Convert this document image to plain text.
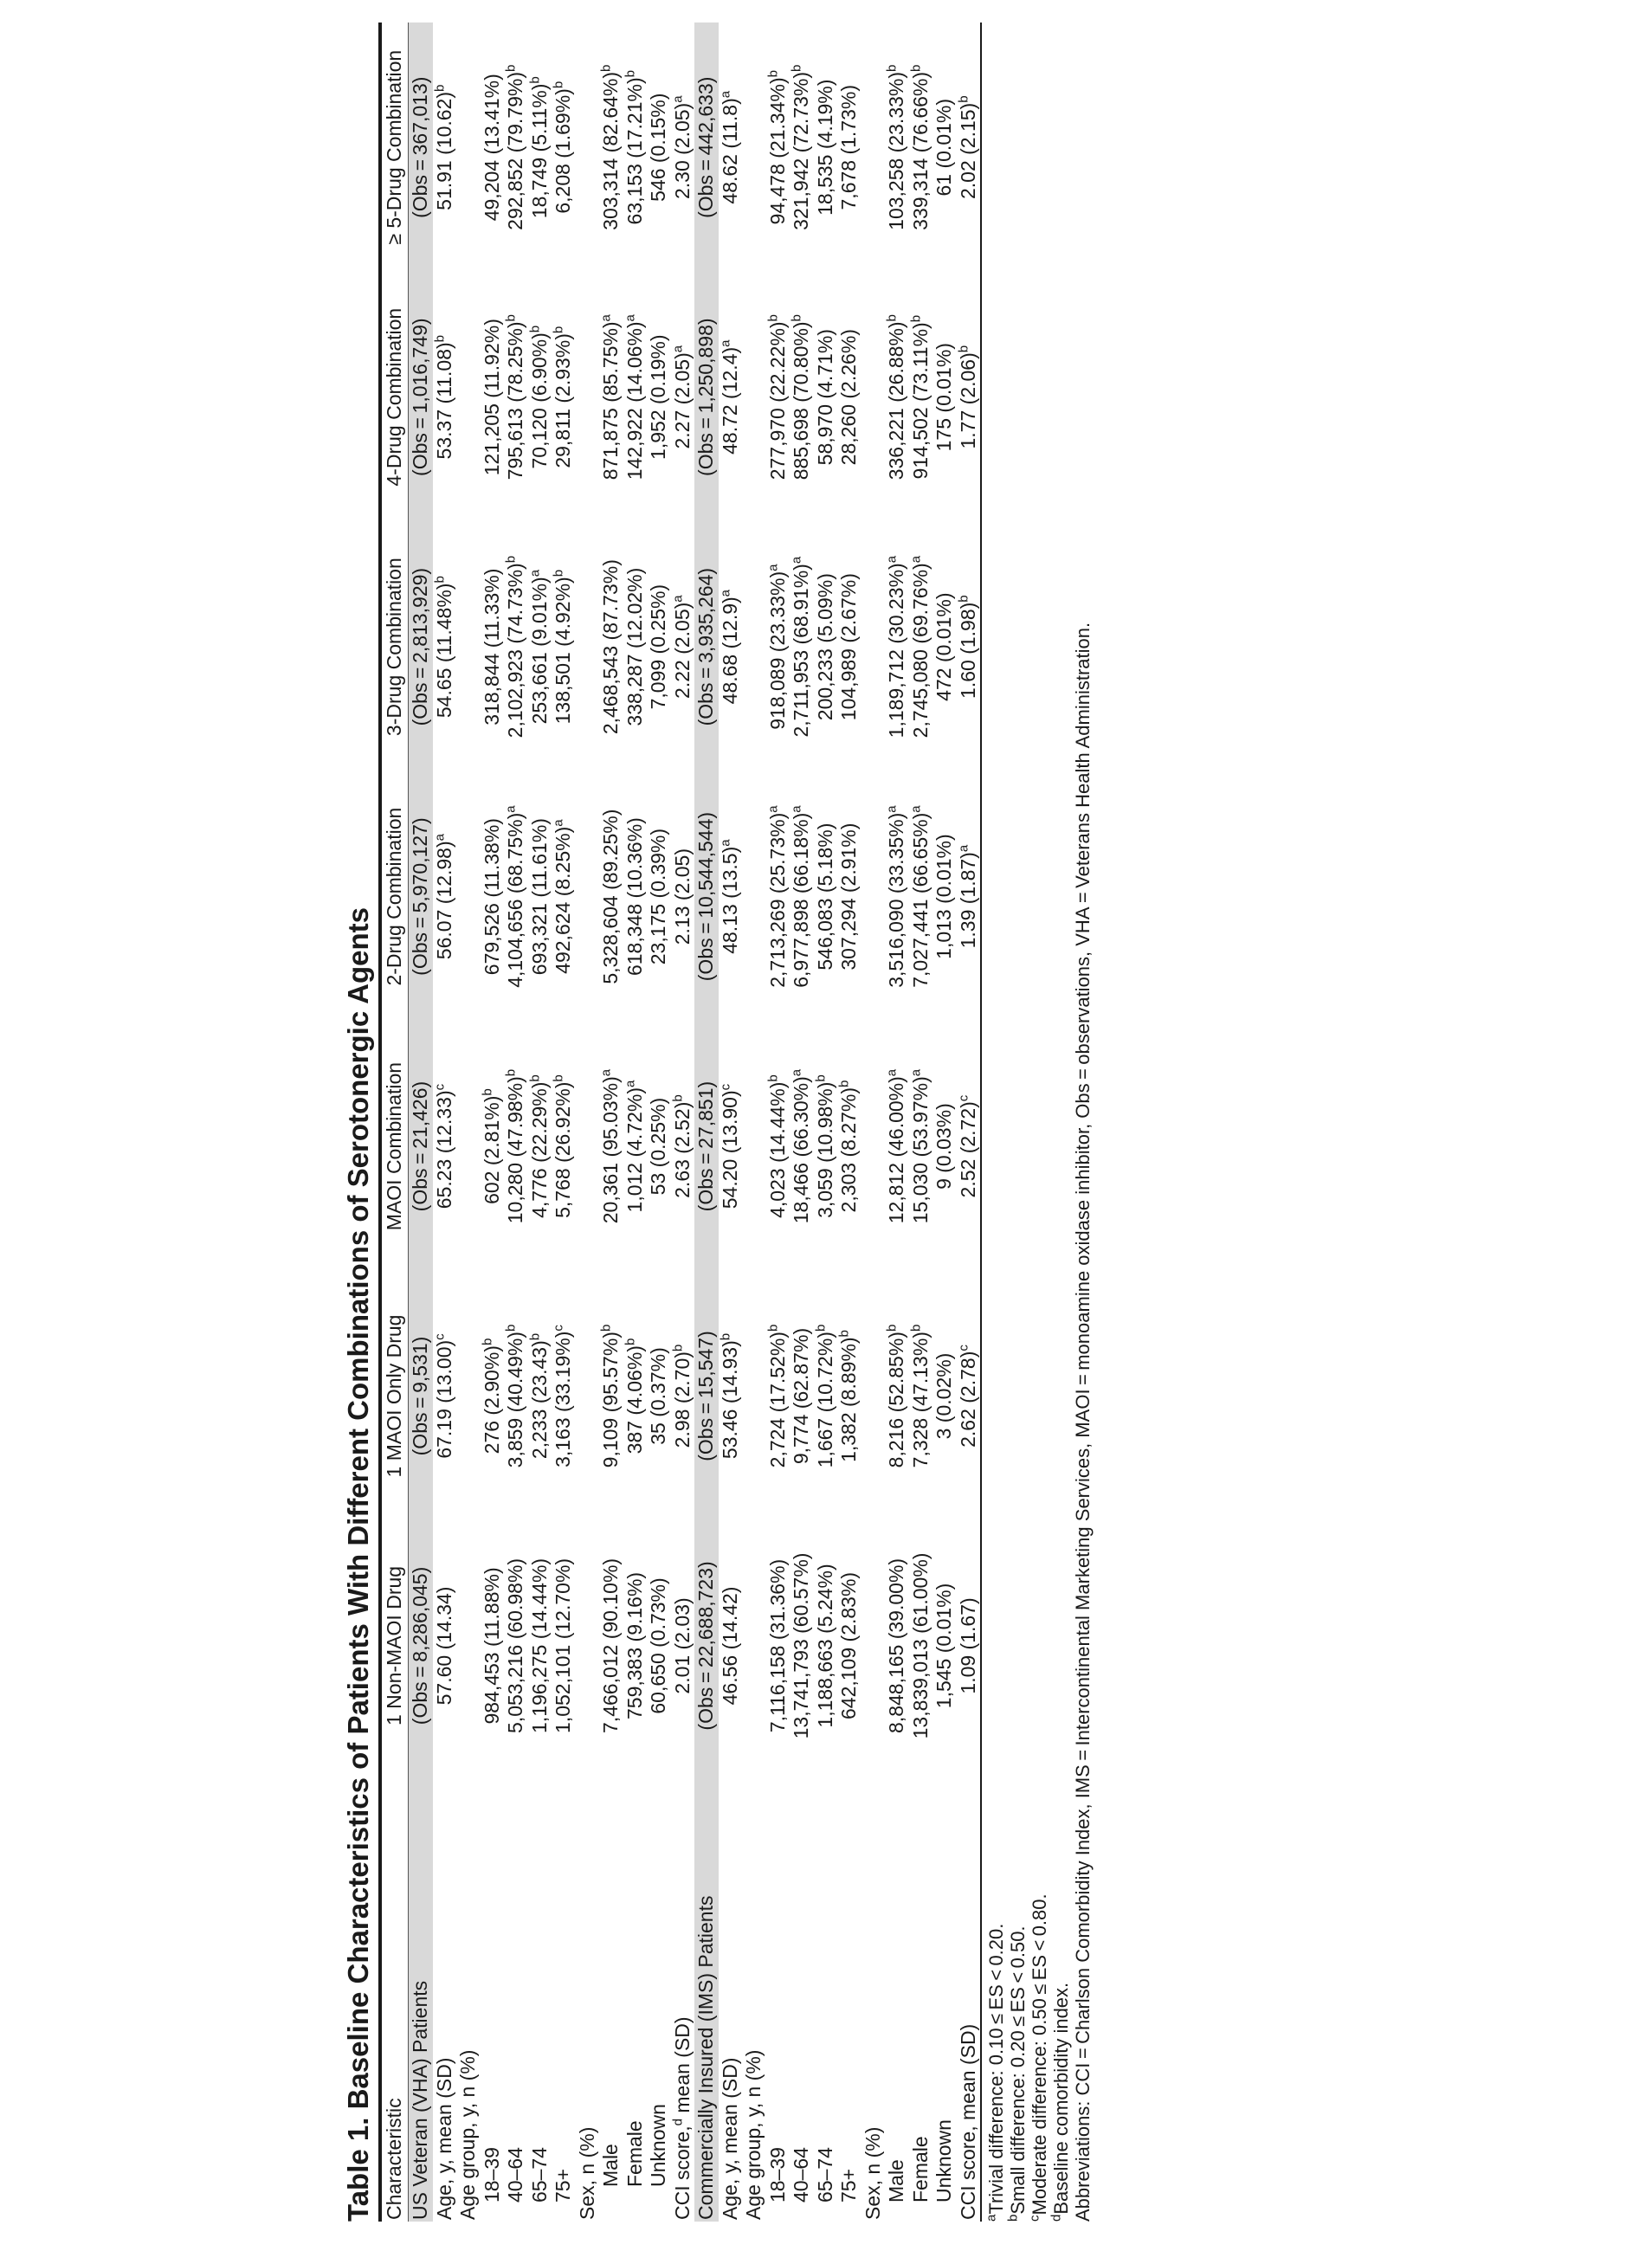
Table 1. Baseline Characteristics of Patients With Different Combinations of Serotonergic Agents Characteristic	1 Non-MAOI Drug	1 MAOI Only Drug	MAOI Combination	2-Drug Combination	3-Drug Combination	4-Drug Combination	≥ 5-Drug Combination
US Veteran (VHA) Patients	(Obs = 8,286,045)	(Obs = 9,531)	(Obs = 21,426)	(Obs = 5,970,127)	(Obs = 2,813,929)	(Obs = 1,016,749)	(Obs = 367,013)
Age, y, mean (SD)	57.60 (14.34)	67.19 $(13.00)^c$	65.23 $(12.33)^c$	56.07 $(12.98)^a$	54.65 $(11.48\%)^b$	53.37 $(11.08)^b$	51.91 $(10.62)^b$
Age group, y, n (%)							
18–39	984,453 (11.88%)	276 $(2.90\%)^b$	602 $(2.81\%)^b$	679,526 (11.38%)	318,844 (11.33%)	121,205 (11.92%)	49,204 (13.41%)
40–64	5,053,216 (60.98%)	3,859 $(40.49\%)^b$	10,280 $(47.98\%)^b$	4,104,656 $(68.75\%)^a$	2,102,923 $(74.73\%)^b$	795,613 $(78.25\%)^b$	292,852 $(79.79\%)^b$
65–74	1,196,275 (14.44%)	2,233 $(23.43)^b$	4,776 $(22.29\%)^b$	693,321 (11.61%)	253,661 $(9.01\%)^a$	70,120 $(6.90\%)^b$	18,749 $(5.11\%)^b$
75+	1,052,101 (12.70%)	3,163 $(33.19\%)^c$	5,768 $(26.92\%)^b$	492,624 $(8.25\%)^a$	138,501 $(4.92\%)^b$	29,811 $(2.93\%)^b$	6,208 $(1.69\%)^b$
Sex, n (%)							
Male	7,466,012 (90.10%)	9,109 $(95.57\%)^b$	20,361 $(95.03\%)^a$	5,328,604 (89.25%)	2,468,543 (87.73%)	871,875 $(85.75\%)^a$	303,314 $(82.64\%)^b$
Female	759,383 (9.16%)	387 $(4.06\%)^b$	1,012 $(4.72\%)^a$	618,348 (10.36%)	338,287 (12.02%)	142,922 $(14.06\%)^a$	63,153 $(17.21\%)^b$
Unknown	60,650 (0.73%)	35 (0.37%)	53 (0.25%)	23,175 (0.39%)	7,099 (0.25%)	1,952 (0.19%)	546 (0.15%)
CCI score,$^d$ mean (SD)	2.01 (2.03)	2.98 $(2.70)^b$	2.63 $(2.52)^b$	2.13 (2.05)	2.22 $(2.05)^a$	2.27 $(2.05)^a$	2.30 $(2.05)^a$
Commercially Insured (IMS) Patients	(Obs = 22,688,723)	(Obs = 15,547)	(Obs = 27,851)	(Obs = 10,544,544)	(Obs = 3,935,264)	(Obs = 1,250,898)	(Obs = 442,633)
Age, y, mean (SD)	46.56 (14.42)	53.46 $(14.93)^b$	54.20 $(13.90)^c$	48.13 $(13.5)^a$	48.68 $(12.9)^a$	48.72 $(12.4)^a$	48.62 $(11.8)^a$
Age group, y, n (%)							
18–39	7,116,158 (31.36%)	2,724 $(17.52\%)^b$	4,023 $(14.44\%)^b$	2,713,269 $(25.73\%)^a$	918,089 $(23.33\%)^a$	277,970 $(22.22\%)^b$	94,478 $(21.34\%)^b$
40–64	13,741,793 (60.57%)	9,774 (62.87%)	18,466 $(66.30\%)^a$	6,977,898 $(66.18\%)^a$	2,711,953 $(68.91\%)^a$	885,698 $(70.80\%)^b$	321,942 $(72.73\%)^b$
65–74	1,188,663 (5.24%)	1,667 $(10.72\%)^b$	3,059 $(10.98\%)^b$	546,083 (5.18%)	200,233 (5.09%)	58,970 (4.71%)	18,535 (4.19%)
75+	642,109 (2.83%)	1,382 $(8.89\%)^b$	2,303 $(8.27\%)^b$	307,294 (2.91%)	104,989 (2.67%)	28,260 (2.26%)	7,678 (1.73%)
Sex, n (%)							
Male	8,848,165 (39.00%)	8,216 $(52.85\%)^b$	12,812 $(46.00\%)^a$	3,516,090 $(33.35\%)^a$	1,189,712 $(30.23\%)^a$	336,221 $(26.88\%)^b$	103,258 $(23.33\%)^b$
Female	13,839,013 (61.00%)	7,328 $(47.13\%)^b$	15,030 $(53.97\%)^a$	7,027,441 $(66.65\%)^a$	2,745,080 $(69.76\%)^a$	914,502 $(73.11\%)^b$	339,314 $(76.66\%)^b$
Unknown	1,545 (0.01%)	3 (0.02%)	9 (0.03%)	1,013 (0.01%)	472 (0.01%)	175 (0.01%)	61 (0.01%)
CCI score, mean (SD)	1.09 (1.67)	2.62 $(2.78)^c$	2.52 $(2.72)^c$	1.39 $(1.87)^a$	1.60 $(1.98)^b$	1.77 $(2.06)^b$	2.02 $(2.15)^b$
$^a$Trivial difference: 0.10 ≤ ES < 0.20.
$^b$Small difference: 0.20 ≤ ES < 0.50.
$^c$Moderate difference: 0.50 ≤ ES < 0.80.
$^d$Baseline comorbidity index. Abbreviations: CCI = Charlson Comorbidity Index, IMS = Intercontinental Marketing Services, MAOI = monoamine oxidase inhibitor, Obs = observations, VHA = Veterans Health Administration.
